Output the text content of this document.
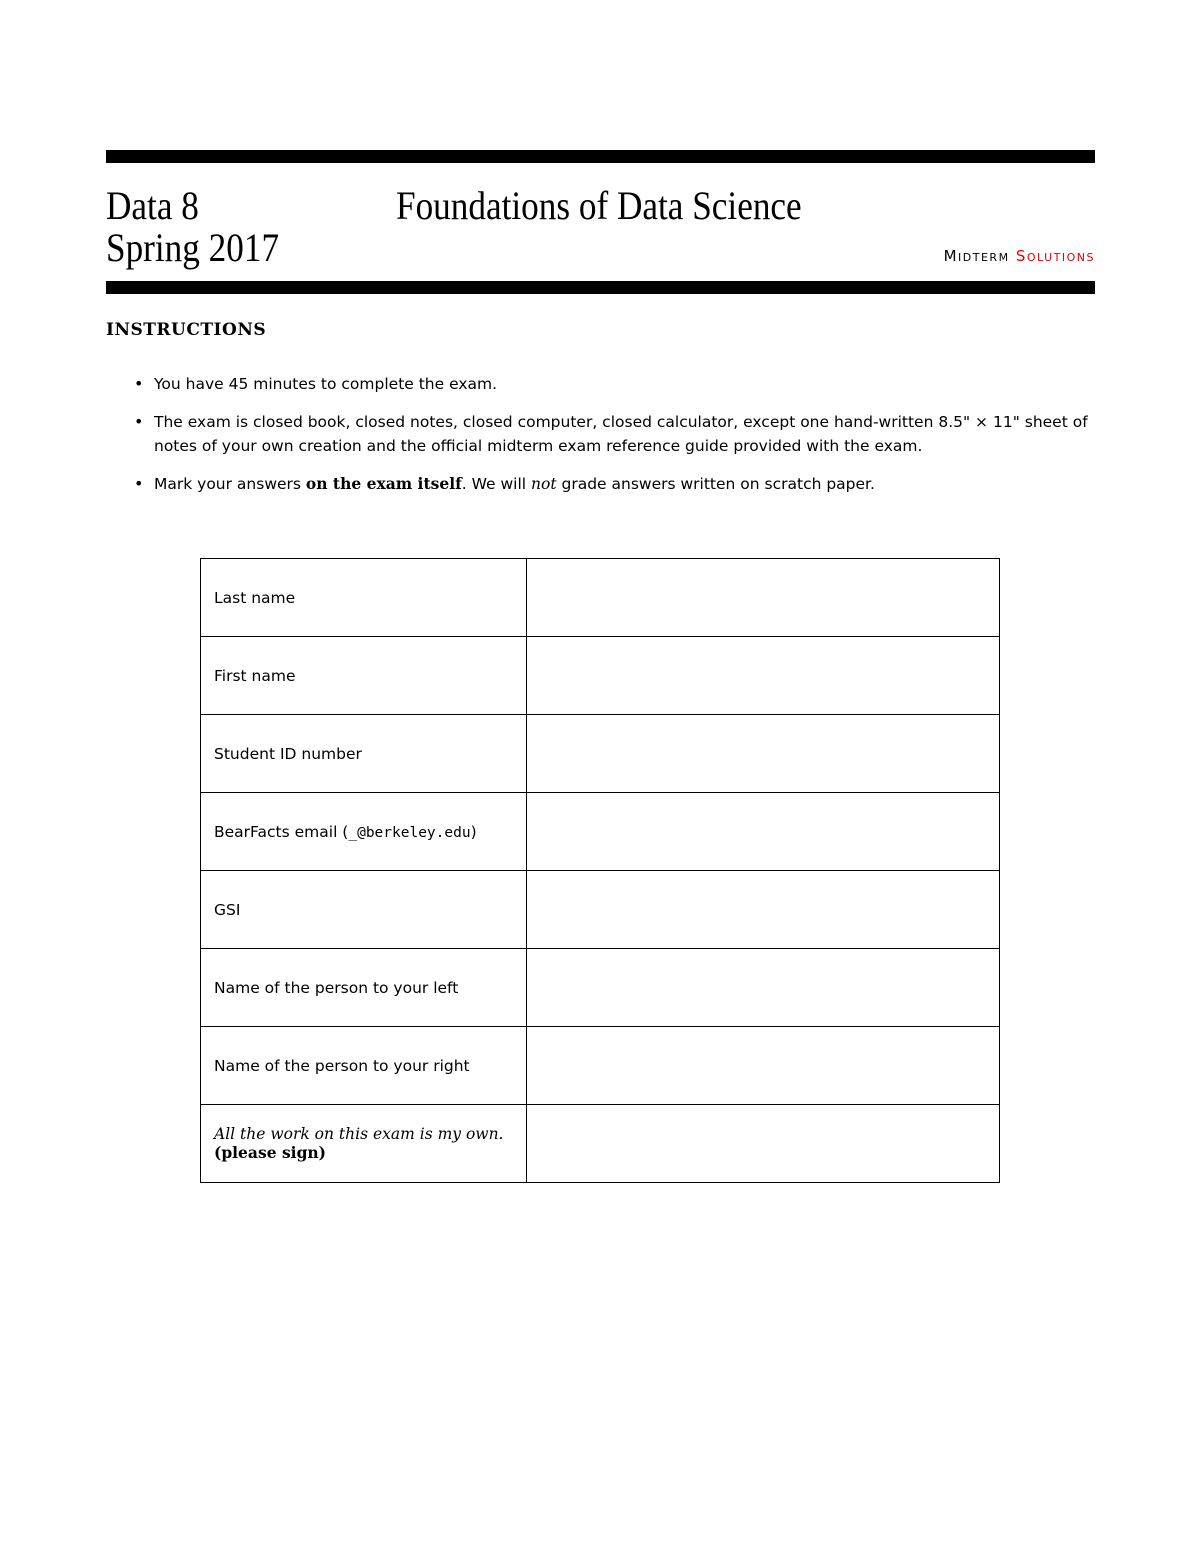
Data 8
Spring 2017
Foundations of Data Science
Midterm Solutions
INSTRUCTIONS
• You have 45 minutes to complete the exam.
• The exam is closed book, closed notes, closed computer, closed calculator, except one hand-written 8.5" × 11" sheet of notes of your own creation and the official midterm exam reference guide provided with the exam.
• Mark your answers on the exam itself. We will not grade answers written on scratch paper.
Last name	
First name	
Student ID number	
BearFacts email (_@berkeley.edu)	
GSI	
Name of the person to your left	
Name of the person to your right	

All the work on this exam is my own.
(please sign)	
